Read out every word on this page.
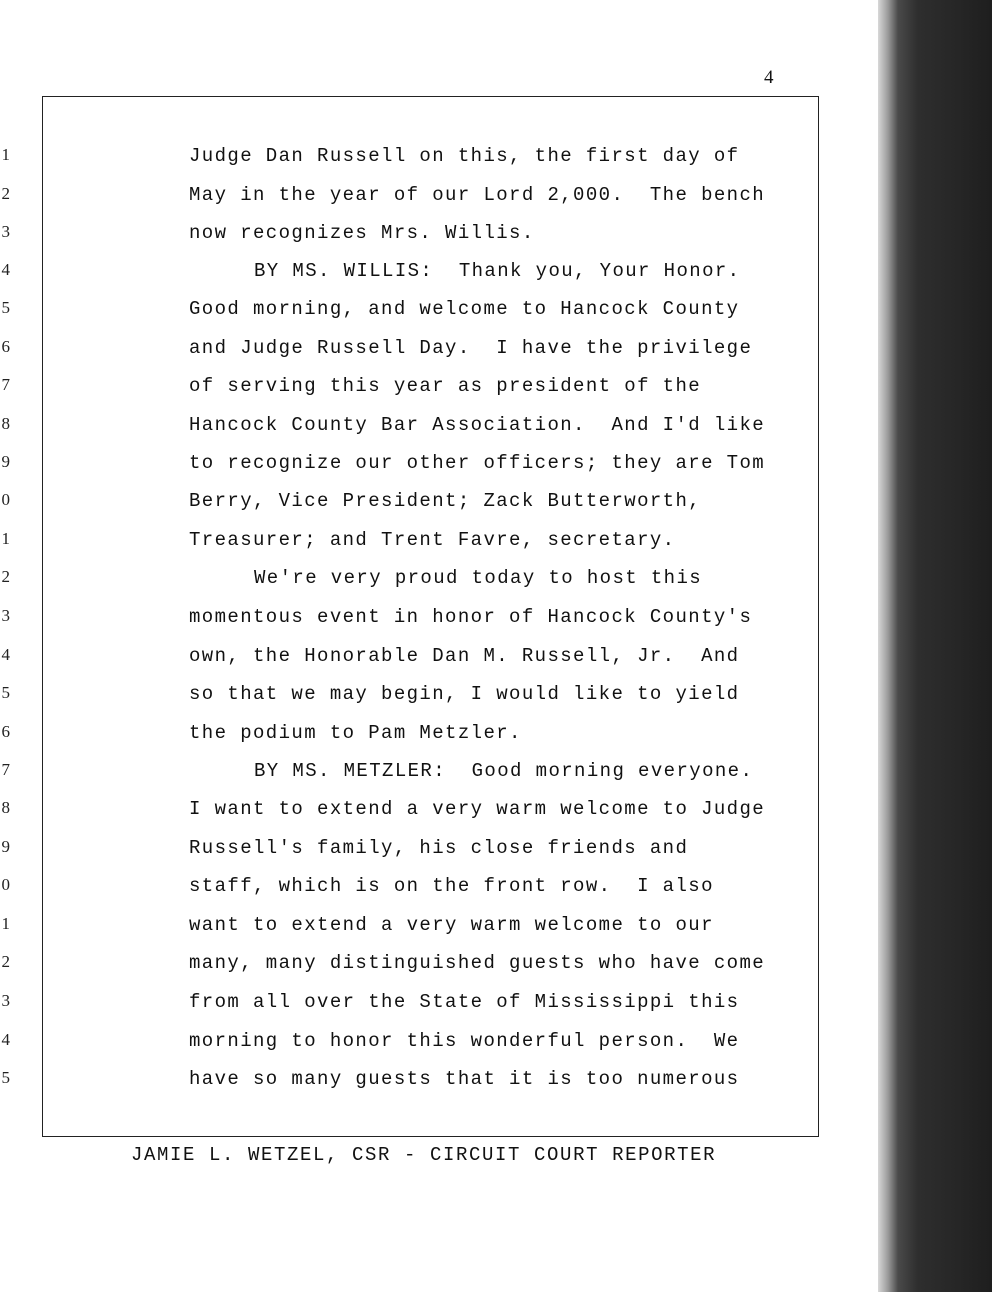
4
1
2
3
4
5
6
7
8
9
0
1
2
3
4
5
6
7
8
9
0
1
2
3
4
5
Judge Dan Russell on this, the first day of
May in the year of our Lord 2,000.  The bench
now recognizes Mrs. Willis.
BY MS. WILLIS:  Thank you, Your Honor.
Good morning, and welcome to Hancock County
and Judge Russell Day.  I have the privilege
of serving this year as president of the
Hancock County Bar Association.  And I'd like
to recognize our other officers; they are Tom
Berry, Vice President; Zack Butterworth,
Treasurer; and Trent Favre, secretary.
We're very proud today to host this
momentous event in honor of Hancock County's
own, the Honorable Dan M. Russell, Jr.  And
so that we may begin, I would like to yield
the podium to Pam Metzler.
BY MS. METZLER:  Good morning everyone.
I want to extend a very warm welcome to Judge
Russell's family, his close friends and
staff, which is on the front row.  I also
want to extend a very warm welcome to our
many, many distinguished guests who have come
from all over the State of Mississippi this
morning to honor this wonderful person.  We
have so many guests that it is too numerous
JAMIE L. WETZEL, CSR - CIRCUIT COURT REPORTER
